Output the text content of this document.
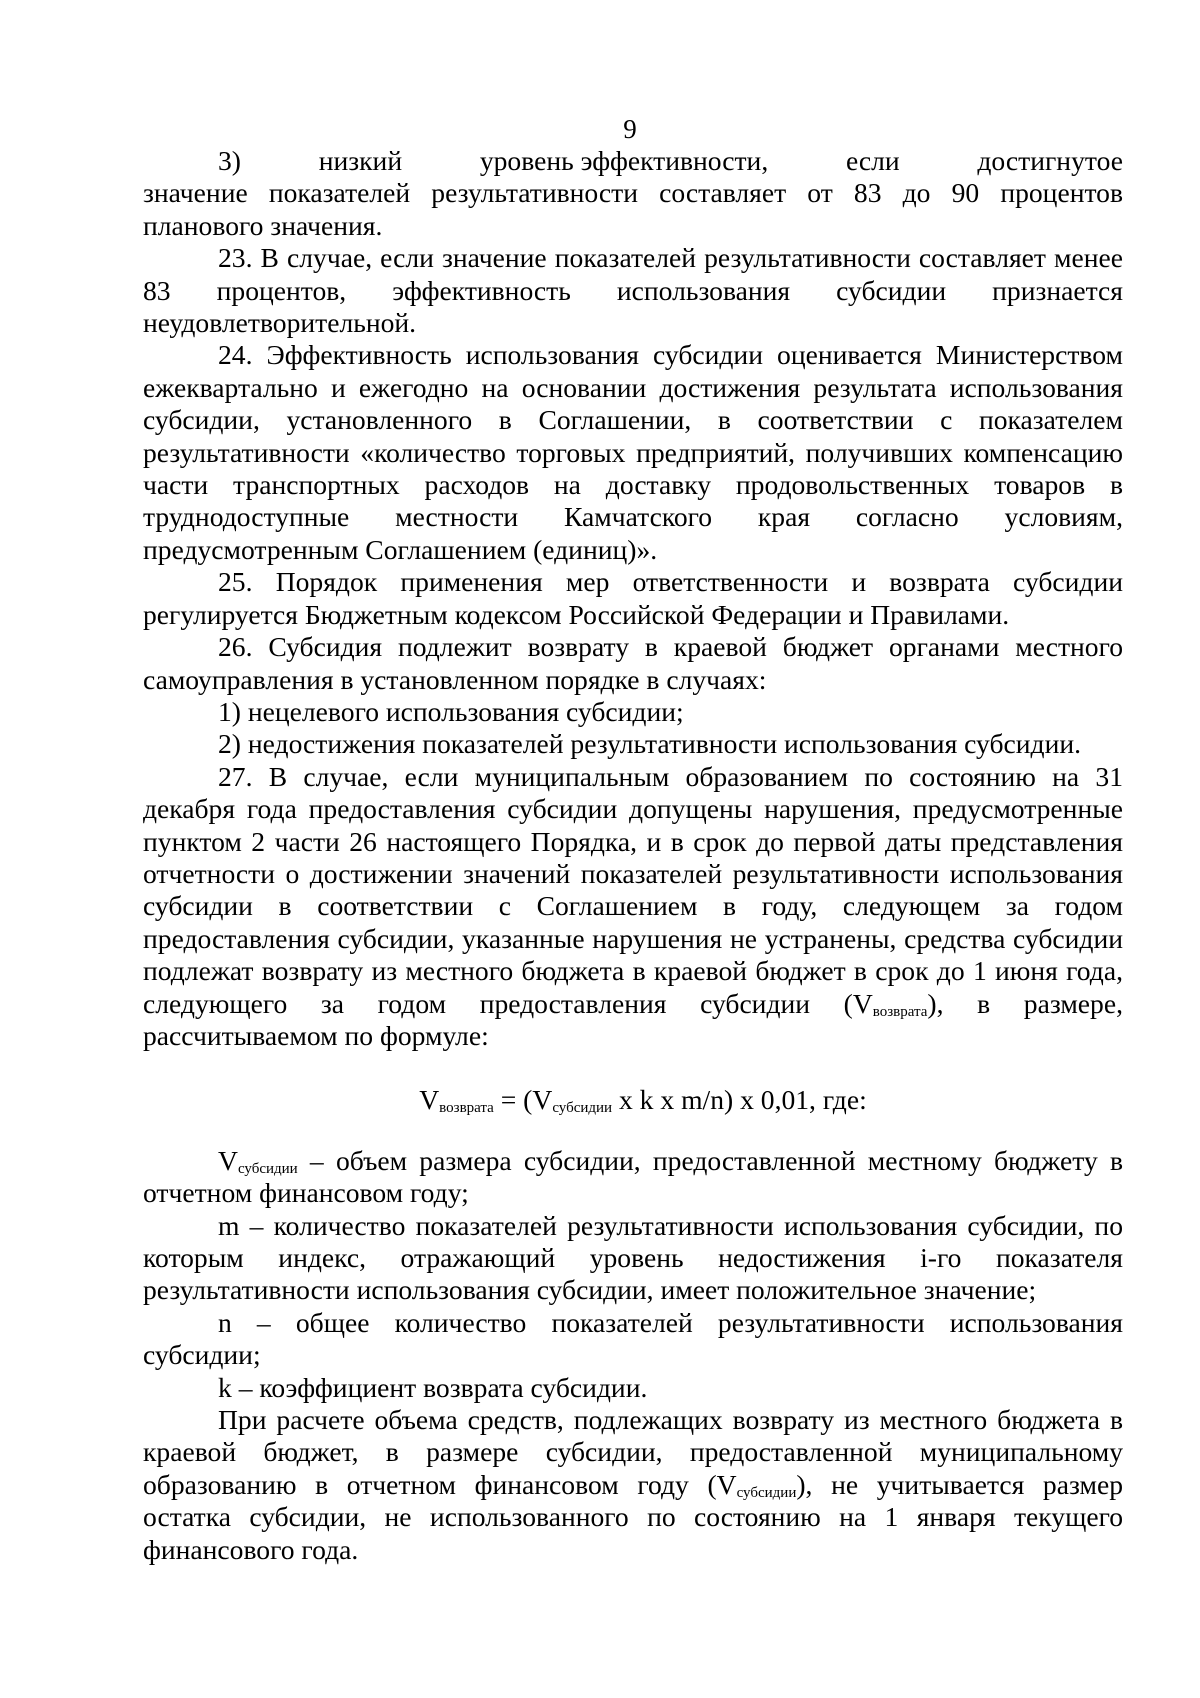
9
3)	низкий	уровень эффективности,	если	достигнутое

значение показателей результативности составляет от 83 до 90 процентов планового значения.

23. В случае, если значение показателей результативности составляет менее 83 процентов, эффективность использования субсидии признается неудовлетворительной.

24. Эффективность использования субсидии оценивается Министерством ежеквартально и ежегодно на основании достижения результата использования субсидии, установленного в Соглашении, в соответствии с показателем результативности «количество торговых предприятий, получивших компенсацию части транспортных расходов на доставку продовольственных товаров в труднодоступные местности Камчатского края согласно условиям, предусмотренным Соглашением (единиц)».

25. Порядок применения мер ответственности и возврата субсидии регулируется Бюджетным кодексом Российской Федерации и Правилами.

26. Субсидия подлежит возврату в краевой бюджет органами местного самоуправления в установленном порядке в случаях:

1) нецелевого использования субсидии;

2) недостижения показателей результативности использования субсидии.

27. В случае, если муниципальным образованием по состоянию на 31 декабря года предоставления субсидии допущены нарушения, предусмотренные пунктом 2 части 26 настоящего Порядка, и в срок до первой даты представления отчетности о достижении значений показателей результативности использования субсидии в соответствии с Соглашением в году, следующем за годом предоставления субсидии, указанные нарушения не устранены, средства субсидии подлежат возврату из местного бюджета в краевой бюджет в срок до 1 июня года, следующего за годом предоставления субсидии $(V_{возврата})$, в размере, рассчитываемом по формуле:

$V_{возврата} = (V_{субсидии}$ x k x m/n) x 0,01, где:

$V_{субсидии}$ – объем размера субсидии, предоставленной местному бюджету в отчетном финансовом году;

m – количество показателей результативности использования субсидии, по которым индекс, отражающий уровень недостижения i-го показателя результативности использования субсидии, имеет положительное значение;

n – общее количество показателей результативности использования субсидии;

k – коэффициент возврата субсидии.

При расчете объема средств, подлежащих возврату из местного бюджета в краевой бюджет, в размере субсидии, предоставленной муниципальному образованию в отчетном финансовом году $(V_{субсидии})$, не учитывается размер остатка субсидии, не использованного по состоянию на 1 января текущего финансового года.
